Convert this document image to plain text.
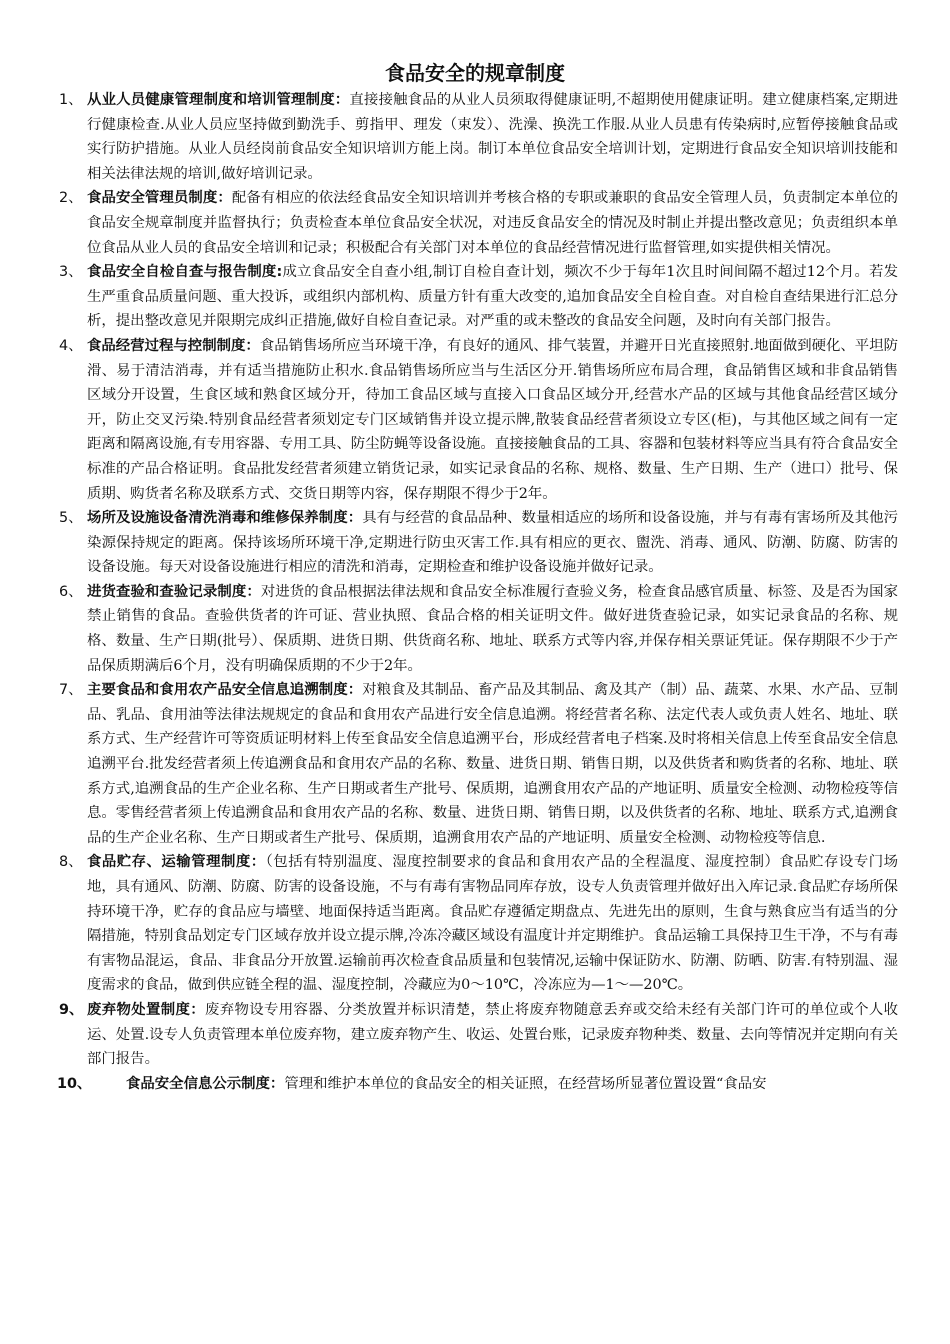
食品安全的规章制度

1、 从业人员健康管理制度和培训管理制度：直接接触食品的从业人员须取得健康证明,不超期使用健康证明。建立健康档案,定期进行健康检查.从业人员应坚持做到勤洗手、剪指甲、理发（束发）、洗澡、换洗工作服.从业人员患有传染病时,应暂停接触食品或实行防护措施。从业人员经岗前食品安全知识培训方能上岗。制订本单位食品安全培训计划，定期进行食品安全知识培训技能和相关法律法规的培训,做好培训记录。

2、 食品安全管理员制度：配备有相应的依法经食品安全知识培训并考核合格的专职或兼职的食品安全管理人员，负责制定本单位的食品安全规章制度并监督执行；负责检查本单位食品安全状况，对违反食品安全的情况及时制止并提出整改意见；负责组织本单位食品从业人员的食品安全培训和记录；积极配合有关部门对本单位的食品经营情况进行监督管理,如实提供相关情况。

3、 食品安全自检自查与报告制度:成立食品安全自查小组,制订自检自查计划，频次不少于每年1次且时间间隔不超过12个月。若发生严重食品质量问题、重大投诉，或组织内部机构、质量方针有重大改变的,追加食品安全自检自查。对自检自查结果进行汇总分析，提出整改意见并限期完成纠正措施,做好自检自查记录。对严重的或未整改的食品安全问题，及时向有关部门报告。

4、 食品经营过程与控制制度：食品销售场所应当环境干净，有良好的通风、排气装置，并避开日光直接照射.地面做到硬化、平坦防滑、易于清洁消毒，并有适当措施防止积水.食品销售场所应当与生活区分开.销售场所应布局合理，食品销售区域和非食品销售区域分开设置，生食区域和熟食区域分开，待加工食品区域与直接入口食品区域分开,经营水产品的区域与其他食品经营区域分开，防止交叉污染.特别食品经营者须划定专门区域销售并设立提示牌,散装食品经营者须设立专区(柜)，与其他区域之间有一定距离和隔离设施,有专用容器、专用工具、防尘防蝇等设备设施。直接接触食品的工具、容器和包装材料等应当具有符合食品安全标准的产品合格证明。食品批发经营者须建立销货记录，如实记录食品的名称、规格、数量、生产日期、生产（进口）批号、保质期、购货者名称及联系方式、交货日期等内容，保存期限不得少于2年。

5、 场所及设施设备清洗消毒和维修保养制度：具有与经营的食品品种、数量相适应的场所和设备设施，并与有毒有害场所及其他污染源保持规定的距离。保持该场所环境干净,定期进行防虫灭害工作.具有相应的更衣、盥洗、消毒、通风、防潮、防腐、防害的设备设施。每天对设备设施进行相应的清洗和消毒，定期检查和维护设备设施并做好记录。

6、 进货查验和查验记录制度：对进货的食品根据法律法规和食品安全标准履行查验义务，检查食品感官质量、标签、及是否为国家禁止销售的食品。查验供货者的许可证、营业执照、食品合格的相关证明文件。做好进货查验记录，如实记录食品的名称、规格、数量、生产日期(批号）、保质期、进货日期、供货商名称、地址、联系方式等内容,并保存相关票证凭证。保存期限不少于产品保质期满后6个月，没有明确保质期的不少于2年。

7、 主要食品和食用农产品安全信息追溯制度：对粮食及其制品、畜产品及其制品、禽及其产（制）品、蔬菜、水果、水产品、豆制品、乳品、食用油等法律法规规定的食品和食用农产品进行安全信息追溯。将经营者名称、法定代表人或负责人姓名、地址、联系方式、生产经营许可等资质证明材料上传至食品安全信息追溯平台，形成经营者电子档案.及时将相关信息上传至食品安全信息追溯平台.批发经营者须上传追溯食品和食用农产品的名称、数量、进货日期、销售日期，以及供货者和购货者的名称、地址、联系方式,追溯食品的生产企业名称、生产日期或者生产批号、保质期，追溯食用农产品的产地证明、质量安全检测、动物检疫等信息。零售经营者须上传追溯食品和食用农产品的名称、数量、进货日期、销售日期，以及供货者的名称、地址、联系方式,追溯食品的生产企业名称、生产日期或者生产批号、保质期，追溯食用农产品的产地证明、质量安全检测、动物检疫等信息.

8、 食品贮存、运输管理制度：（包括有特别温度、湿度控制要求的食品和食用农产品的全程温度、湿度控制）食品贮存设专门场地，具有通风、防潮、防腐、防害的设备设施，不与有毒有害物品同库存放，设专人负责管理并做好出入库记录.食品贮存场所保持环境干净，贮存的食品应与墙壁、地面保持适当距离。食品贮存遵循定期盘点、先进先出的原则，生食与熟食应当有适当的分隔措施，特别食品划定专门区域存放并设立提示牌,冷冻冷藏区域设有温度计并定期维护。食品运输工具保持卫生干净，不与有毒有害物品混运，食品、非食品分开放置.运输前再次检查食品质量和包装情况,运输中保证防水、防潮、防晒、防害.有特别温、湿度需求的食品，做到供应链全程的温、湿度控制，冷藏应为0～10℃，冷冻应为—1～—20℃。

9、 废弃物处置制度：废弃物设专用容器、分类放置并标识清楚，禁止将废弃物随意丢弃或交给未经有关部门许可的单位或个人收运、处置.设专人负责管理本单位废弃物，建立废弃物产生、收运、处置台账，记录废弃物种类、数量、去向等情况并定期向有关部门报告。

10、 食品安全信息公示制度：管理和维护本单位的食品安全的相关证照，在经营场所显著位置设置“食品安
